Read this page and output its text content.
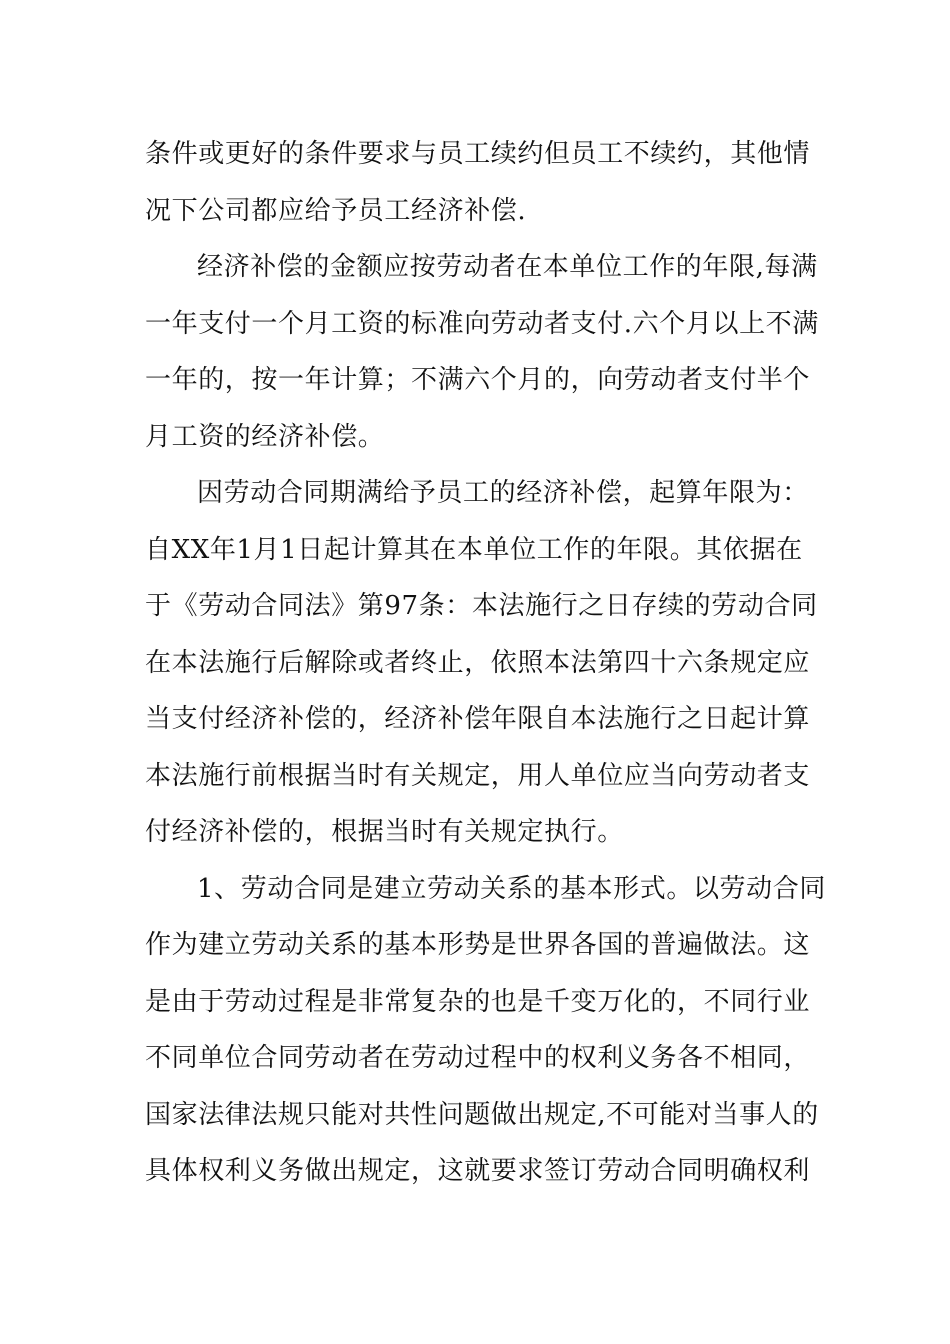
条件或更好的条件要求与员工续约但员工不续约，其他情
况下公司都应给予员工经济补偿.
经济补偿的金额应按劳动者在本单位工作的年限,每满
一年支付一个月工资的标准向劳动者支付.六个月以上不满
一年的，按一年计算；不满六个月的，向劳动者支付半个
月工资的经济补偿。
因劳动合同期满给予员工的经济补偿，起算年限为：
自XX年1月1日起计算其在本单位工作的年限。其依据在
于《劳动合同法》第97条：本法施行之日存续的劳动合同
在本法施行后解除或者终止，依照本法第四十六条规定应
当支付经济补偿的，经济补偿年限自本法施行之日起计算
本法施行前根据当时有关规定，用人单位应当向劳动者支
付经济补偿的，根据当时有关规定执行。
1、劳动合同是建立劳动关系的基本形式。以劳动合同
作为建立劳动关系的基本形势是世界各国的普遍做法。这
是由于劳动过程是非常复杂的也是千变万化的，不同行业
不同单位合同劳动者在劳动过程中的权利义务各不相同，
国家法律法规只能对共性问题做出规定,不可能对当事人的
具体权利义务做出规定，这就要求签订劳动合同明确权利
